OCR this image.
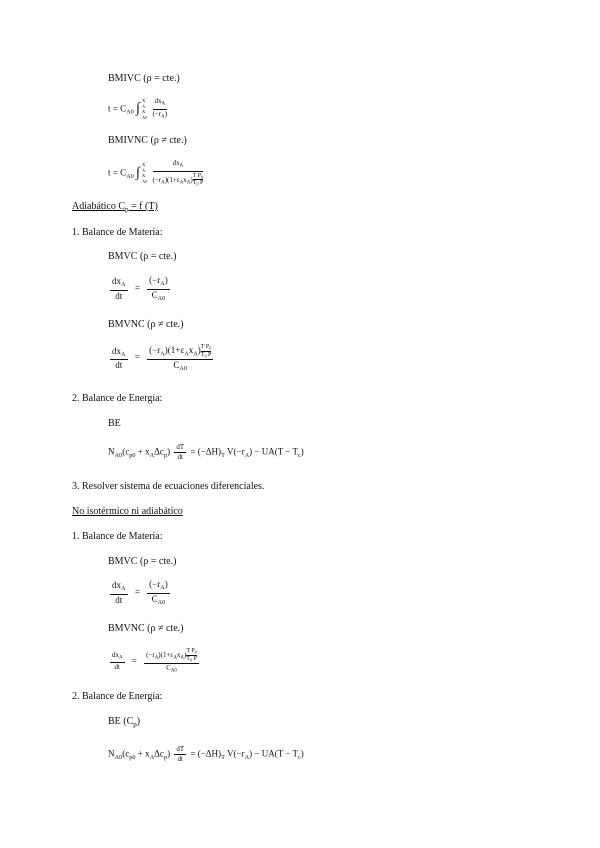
BMIVC (ρ = cte.)
$t = C_{A0}$ ∫
x
A
x
A0
$\frac{dx_A}{(-r_A)}$
BMIVNC (ρ ≠ cte.)
$t = C_{A0}$ ∫
x
A
x
A0
$\frac{dx_A}{(-r_A)(1+\varepsilon_Ax_A) \frac{T P_0}{T_0 P}}$
Adiabático $C_p = f$ (T)
1. Balance de Materia:
BMVC (ρ = cte.)
$\frac{dx_A}{dt} = \frac{(-r_A)}{C_{A0}}$
BMVNC (ρ ≠ cte.)
$\frac{dx_A}{dt} = \frac{(-r_A)(1+\varepsilon_Ax_A) \frac{T P_0}{T_0 P}}{C_{A0}}$
2. Balance de Energía:
BE
$N_{A0}(c_{p0} + x_A\Delta c_p) \frac{dT}{dt} = (-\Delta H)_T$ $V(-r_A) - UA(T - T_c)$
3. Resolver sistema de ecuaciones diferenciales.
No isotérmico ni adiabático
1. Balance de Materia:
BMVC (ρ = cte.)
$\frac{dx_A}{dt} = \frac{(-r_A)}{C_{A0}}$
BMVNC (ρ ≠ cte.)
$\frac{dx_A}{dt} = \frac{(-r_A)(1+\varepsilon_Ax_A) \frac{T P_0}{T_0 P}}{C_{A0}}$
2. Balance de Energía:
BE $(C_p)$
$N_{A0}(c_{p0} + x_A\Delta c_p) \frac{dT}{dt} = (-\Delta H)_T$ $V(-r_A) - UA(T - T_c)$
